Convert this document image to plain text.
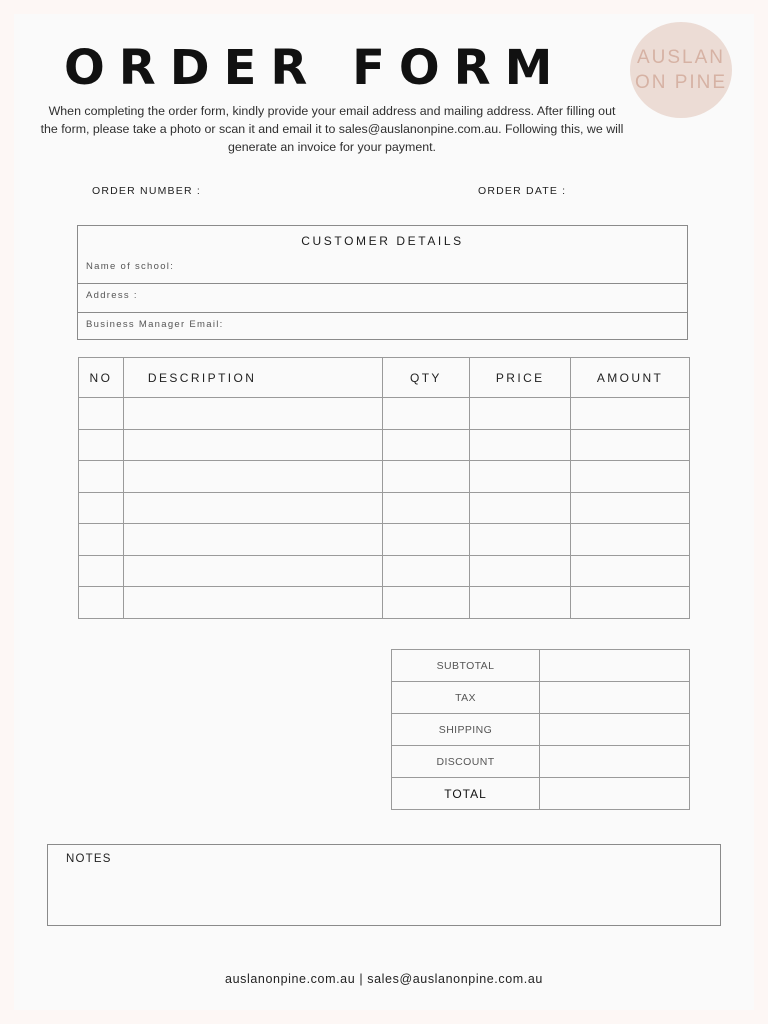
AUSLAN
ON PINE
ORDER FORM
When completing the order form, kindly provide your email address and mailing address. After filling out
the form, please take a photo or scan it and email it to sales@auslanonpine.com.au. Following this, we will
generate an invoice for your payment.
ORDER NUMBER :	ORDER DATE :
CUSTOMER DETAILS
Name of school:
Address :
Business Manager Email:
NO	DESCRIPTION	QTY	PRICE	AMOUNT

SUBTOTAL	
TAX	
SHIPPING	
DISCOUNT	
TOTAL	
NOTES
auslanonpine.com.au | sales@auslanonpine.com.au
